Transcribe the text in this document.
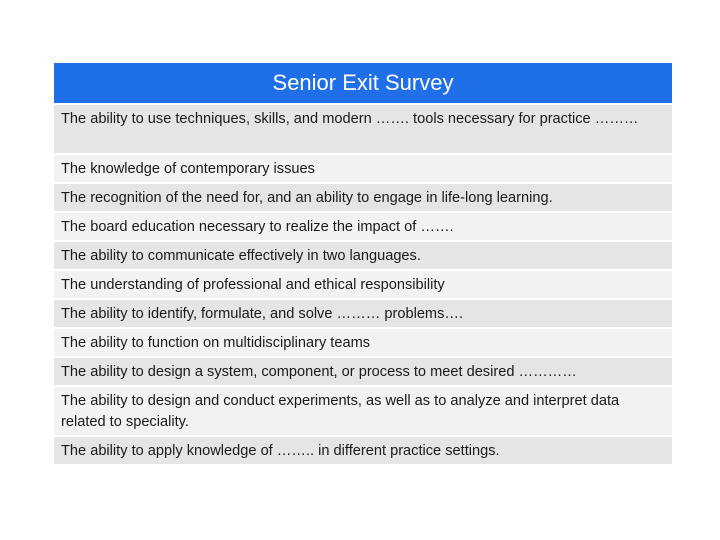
Senior Exit Survey
The ability to use techniques, skills, and modern ……. tools necessary for practice ………
The knowledge of contemporary issues
The recognition of the need for, and an ability to engage in life-long learning.
The board education necessary to realize the impact of …….
The ability to communicate effectively in two languages.
The understanding of professional and ethical responsibility
The ability to identify, formulate, and solve ……… problems….
The ability to function on multidisciplinary teams
The ability to design a system, component, or process to meet desired …………
The ability to design and conduct experiments, as well as to analyze and interpret data related to speciality.
The ability to apply knowledge of …….. in different practice settings.
